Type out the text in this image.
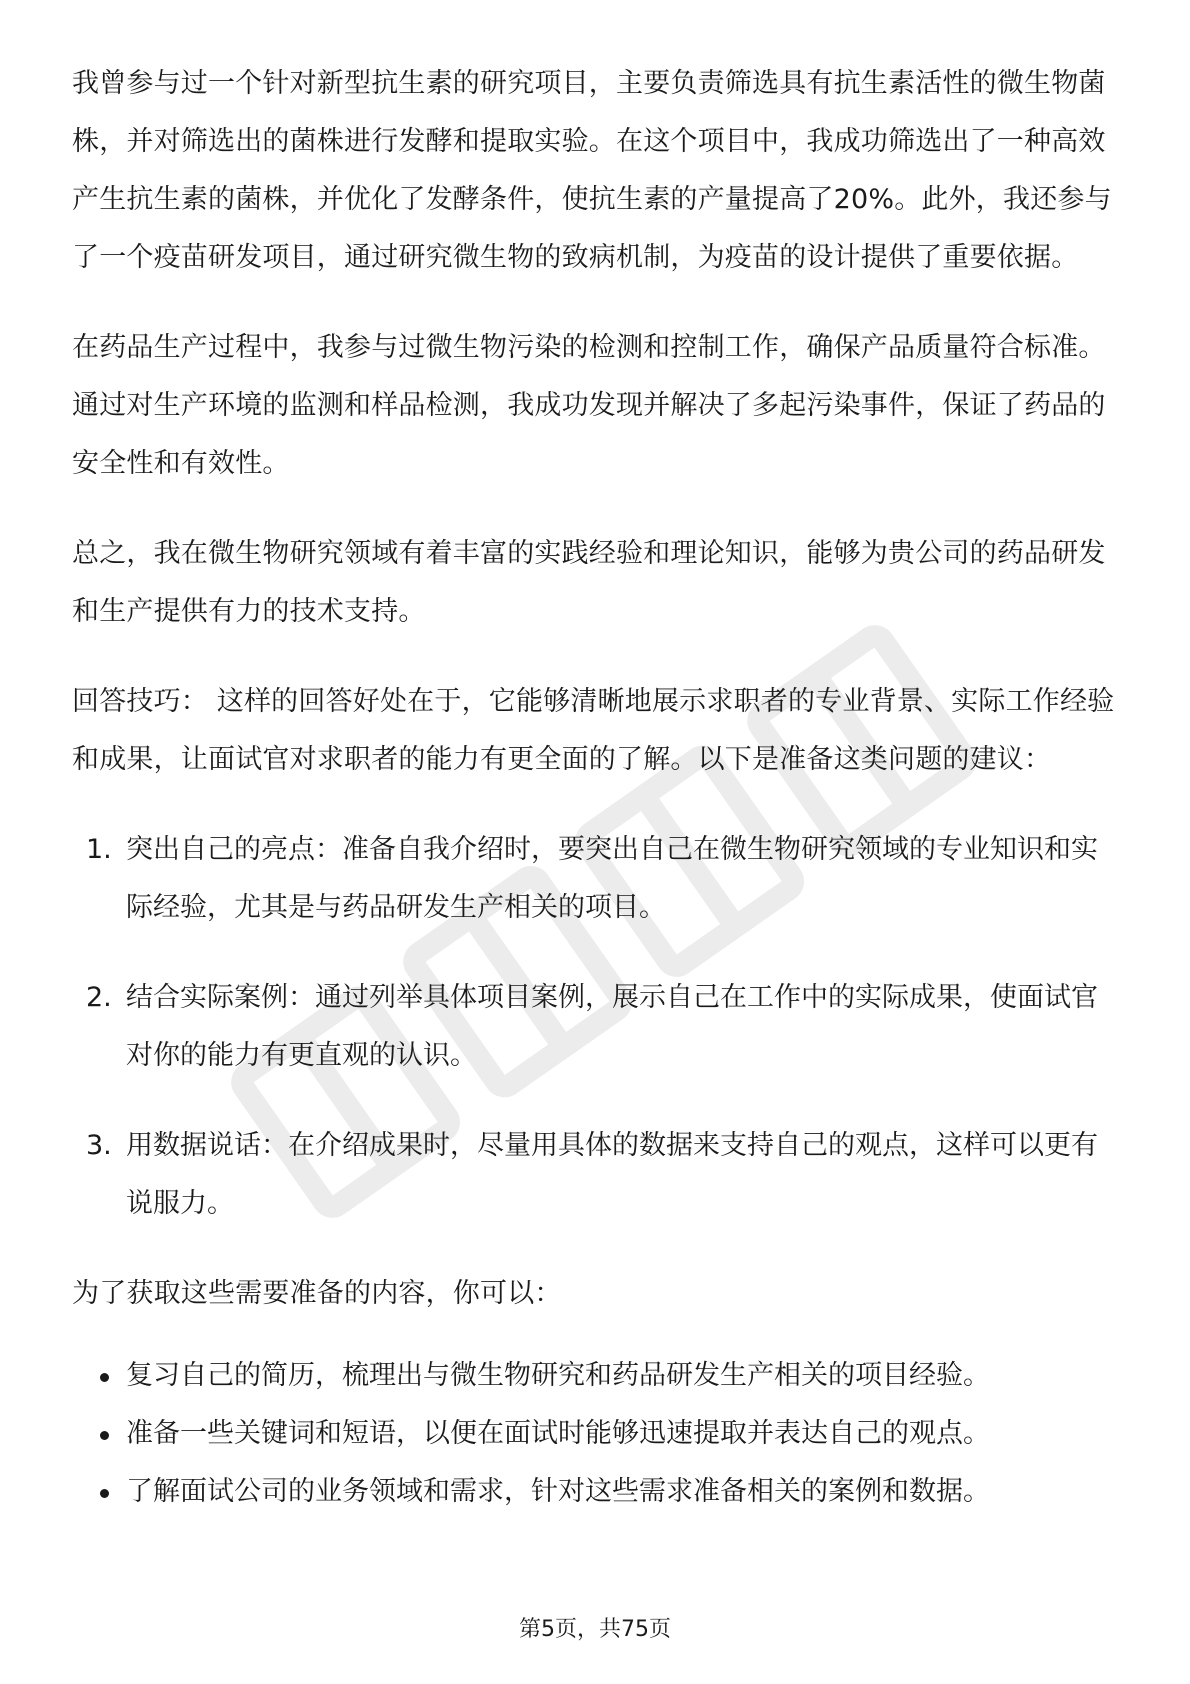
我曾参与过一个针对新型抗生素的研究项目，主要负责筛选具有抗生素活性的微生物菌株，并对筛选出的菌株进行发酵和提取实验。在这个项目中，我成功筛选出了一种高效产生抗生素的菌株，并优化了发酵条件，使抗生素的产量提高了20%。此外，我还参与了一个疫苗研发项目，通过研究微生物的致病机制，为疫苗的设计提供了重要依据。

在药品生产过程中，我参与过微生物污染的检测和控制工作，确保产品质量符合标准。通过对生产环境的监测和样品检测，我成功发现并解决了多起污染事件，保证了药品的安全性和有效性。

总之，我在微生物研究领域有着丰富的实践经验和理论知识，能够为贵公司的药品研发和生产提供有力的技术支持。

回答技巧： 这样的回答好处在于，它能够清晰地展示求职者的专业背景、实际工作经验和成果，让面试官对求职者的能力有更全面的了解。以下是准备这类问题的建议：

1. 突出自己的亮点：准备自我介绍时，要突出自己在微生物研究领域的专业知识和实际经验，尤其是与药品研发生产相关的项目。
2. 结合实际案例：通过列举具体项目案例，展示自己在工作中的实际成果，使面试官对你的能力有更直观的认识。
3. 用数据说话：在介绍成果时，尽量用具体的数据来支持自己的观点，这样可以更有说服力。

为了获取这些需要准备的内容，你可以：

复习自己的简历，梳理出与微生物研究和药品研发生产相关的项目经验。
准备一些关键词和短语，以便在面试时能够迅速提取并表达自己的观点。
了解面试公司的业务领域和需求，针对这些需求准备相关的案例和数据。
第5页，共75页
